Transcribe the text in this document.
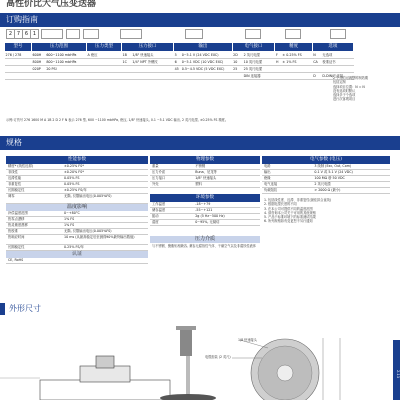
高性价比大气压变送器
订购指南
2 7 6 1
型号	压力范围		压力类型	压力接口		输出		电气接口		精度		选项	
276 / 278	600H	600~1100 mbHPa	A 绝压	1B	1/8" 快速接头	5	0~5.1 V (24 VDC EXC)	2D	2 英尺电缆	F	± 0.25% FS	N	无选项
	800H	800~1100 mbHPa		1C	1/4" NPT 外螺纹	6	0~5.1 VDC (10 VDC EXC)	10	10 英尺电缆	H	± 1% FS	CA	校准证书
	020P	20 PSI				45	0.5~4.5 VDC (5 VDC EXC)	25	25 英尺电缆				
									DIN 连接器			D	D-DIN(F)连接
2 个月的可调整的制造期
包括定制
选择项目位置：N = N
没有选项时默认
选择多于个选项
进行次客观项目
示例:订货号 276 1600 M A 1B 2 D 2 F N 表示 276 型, 600 ~1100 mbHPa, 绝压, 1/8" 快速接头, 0.1 ~5.1 VDC 输出, 2 英尺电缆, ±0.25% FS 精度。
规格
性能参数
精度* (线性迟滞)	±0.25% FS*
非线性	±0.20% FS*
迟滞性能	0.05% FS
非重复性	0.05% FS
长期稳定性	±0.25% FS/年
调零	无隔, 仅限输出电压(0.005%FS)
温度影响
补偿温度范围	0~+80°C
热零点漂移	1% FS
热灵敏度漂移	1% FS
热校准	无隔, 仅限输出电压(0.005%FS)
热响应时间	10 ms (从最高稳定后至测得90%最终输出数值)
长期稳定性	0.25% FS/年
认证
CE, RoHS
物理参数
重量	不锈钢
压力介质	Buna、尼龙等
压力接口	1/8" 快速接头
外壳	塑料
环境参数
工作温度	-18~+79
储存温度	-55~+121
振动	2g (5 Hz~500 Hz)
湿度	0~95%, 无凝结
压力介质
与不锈钢、聚酯铝相兼容, 兼容无腐蚀性气体、干燥空气以及非腐蚀性液体
电气参数 (电压)
电路	3 线制 (Exc, Out, Com)
输出	0.1 V 或 5.1 V (24 VDC)
绝缘	100 MΩ @ 50 VDC
电气连接	2 英尺电缆
负载阻抗	> 2000 Ω (最小)
1. 包括线性度、迟滞、非重复性(最佳拟合直线)
2. 根据电缆长度的不同
3. 在本公司可提供不同的温度范围
4. 请咨询本公司关于可用的其他规格
5. 产品于标准环境下的标准测试结果
6. 所列规格如有变更恕不另行通知
外形尺寸
电缆组装 (2 英尺)
1/8 快速接头
2-13
